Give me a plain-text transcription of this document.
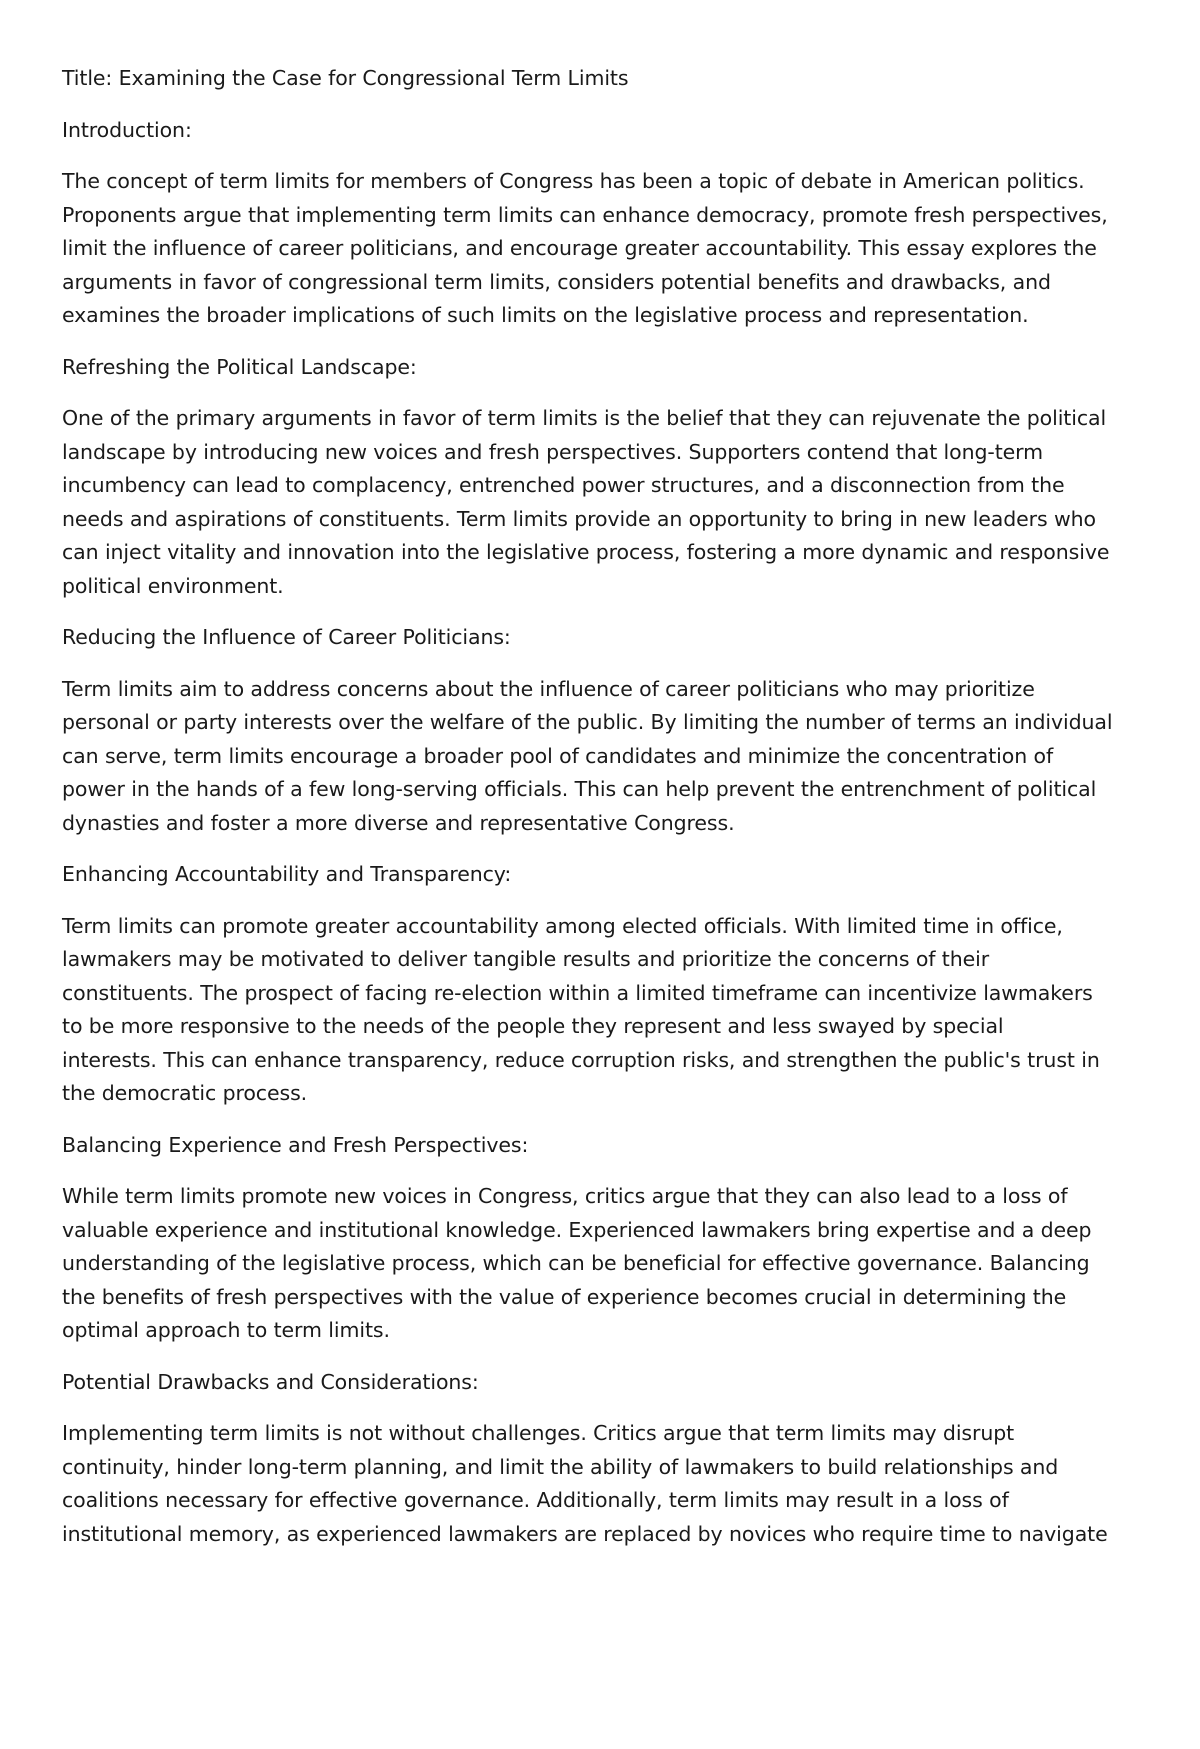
Title: Examining the Case for Congressional Term Limits
Introduction:
The concept of term limits for members of Congress has been a topic of debate in American politics.
Proponents argue that implementing term limits can enhance democracy, promote fresh perspectives,
limit the influence of career politicians, and encourage greater accountability. This essay explores the
arguments in favor of congressional term limits, considers potential benefits and drawbacks, and
examines the broader implications of such limits on the legislative process and representation.
Refreshing the Political Landscape:
One of the primary arguments in favor of term limits is the belief that they can rejuvenate the political
landscape by introducing new voices and fresh perspectives. Supporters contend that long-term
incumbency can lead to complacency, entrenched power structures, and a disconnection from the
needs and aspirations of constituents. Term limits provide an opportunity to bring in new leaders who
can inject vitality and innovation into the legislative process, fostering a more dynamic and responsive
political environment.
Reducing the Influence of Career Politicians:
Term limits aim to address concerns about the influence of career politicians who may prioritize
personal or party interests over the welfare of the public. By limiting the number of terms an individual
can serve, term limits encourage a broader pool of candidates and minimize the concentration of
power in the hands of a few long-serving officials. This can help prevent the entrenchment of political
dynasties and foster a more diverse and representative Congress.
Enhancing Accountability and Transparency:
Term limits can promote greater accountability among elected officials. With limited time in office,
lawmakers may be motivated to deliver tangible results and prioritize the concerns of their
constituents. The prospect of facing re-election within a limited timeframe can incentivize lawmakers
to be more responsive to the needs of the people they represent and less swayed by special
interests. This can enhance transparency, reduce corruption risks, and strengthen the public's trust in
the democratic process.
Balancing Experience and Fresh Perspectives:
While term limits promote new voices in Congress, critics argue that they can also lead to a loss of
valuable experience and institutional knowledge. Experienced lawmakers bring expertise and a deep
understanding of the legislative process, which can be beneficial for effective governance. Balancing
the benefits of fresh perspectives with the value of experience becomes crucial in determining the
optimal approach to term limits.
Potential Drawbacks and Considerations:
Implementing term limits is not without challenges. Critics argue that term limits may disrupt
continuity, hinder long-term planning, and limit the ability of lawmakers to build relationships and
coalitions necessary for effective governance. Additionally, term limits may result in a loss of
institutional memory, as experienced lawmakers are replaced by novices who require time to navigate
